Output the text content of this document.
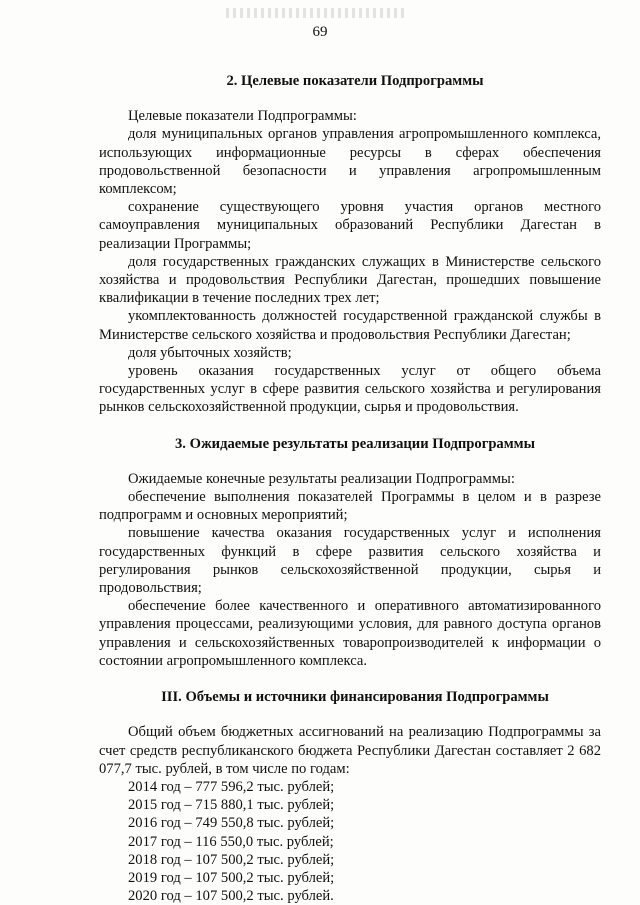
69
2. Целевые показатели Подпрограммы

Целевые показатели Подпрограммы:

доля муниципальных органов управления агропромышленного комплекса, использующих информационные ресурсы в сферах обеспечения продовольственной безопасности и управления агропромышленным комплексом;

сохранение существующего уровня участия органов местного самоуправления муниципальных образований Республики Дагестан в реализации Программы;

доля государственных гражданских служащих в Министерстве сельского хозяйства и продовольствия Республики Дагестан, прошедших повышение квалификации в течение последних трех лет;

укомплектованность должностей государственной гражданской службы в Министерстве сельского хозяйства и продовольствия Республики Дагестан;

доля убыточных хозяйств;

уровень оказания государственных услуг от общего объема государственных услуг в сфере развития сельского хозяйства и регулирования рынков сельскохозяйственной продукции, сырья и продовольствия.

3. Ожидаемые результаты реализации Подпрограммы

Ожидаемые конечные результаты реализации Подпрограммы:

обеспечение выполнения показателей Программы в целом и в разрезе подпрограмм и основных мероприятий;

повышение качества оказания государственных услуг и исполнения государственных функций в сфере развития сельского хозяйства и регулирования рынков сельскохозяйственной продукции, сырья и продовольствия;

обеспечение более качественного и оперативного автоматизированного управления процессами, реализующими условия, для равного доступа органов управления и сельскохозяйственных товаропроизводителей к информации о состоянии агропромышленного комплекса.

III. Объемы и источники финансирования Подпрограммы

Общий объем бюджетных ассигнований на реализацию Подпрограммы за счет средств республиканского бюджета Республики Дагестан составляет 2 682 077,7 тыс. рублей, в том числе по годам:

2014 год – 777 596,2 тыс. рублей;
2015 год – 715 880,1 тыс. рублей;
2016 год – 749 550,8 тыс. рублей;
2017 год – 116 550,0 тыс. рублей;
2018 год – 107 500,2 тыс. рублей;
2019 год – 107 500,2 тыс. рублей;
2020 год – 107 500,2 тыс. рублей.
